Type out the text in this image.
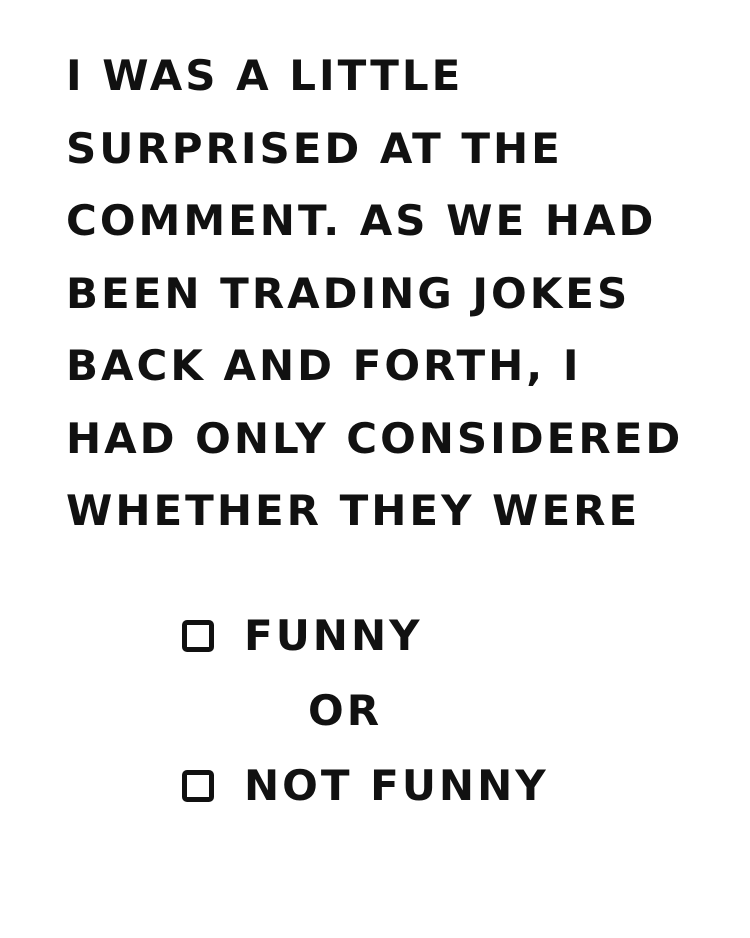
I WAS A LITTLE
SURPRISED AT THE
COMMENT. AS WE HAD
BEEN TRADING JOKES
BACK AND FORTH, I
HAD ONLY CONSIDERED
WHETHER THEY WERE
FUNNY
OR
NOT FUNNY
